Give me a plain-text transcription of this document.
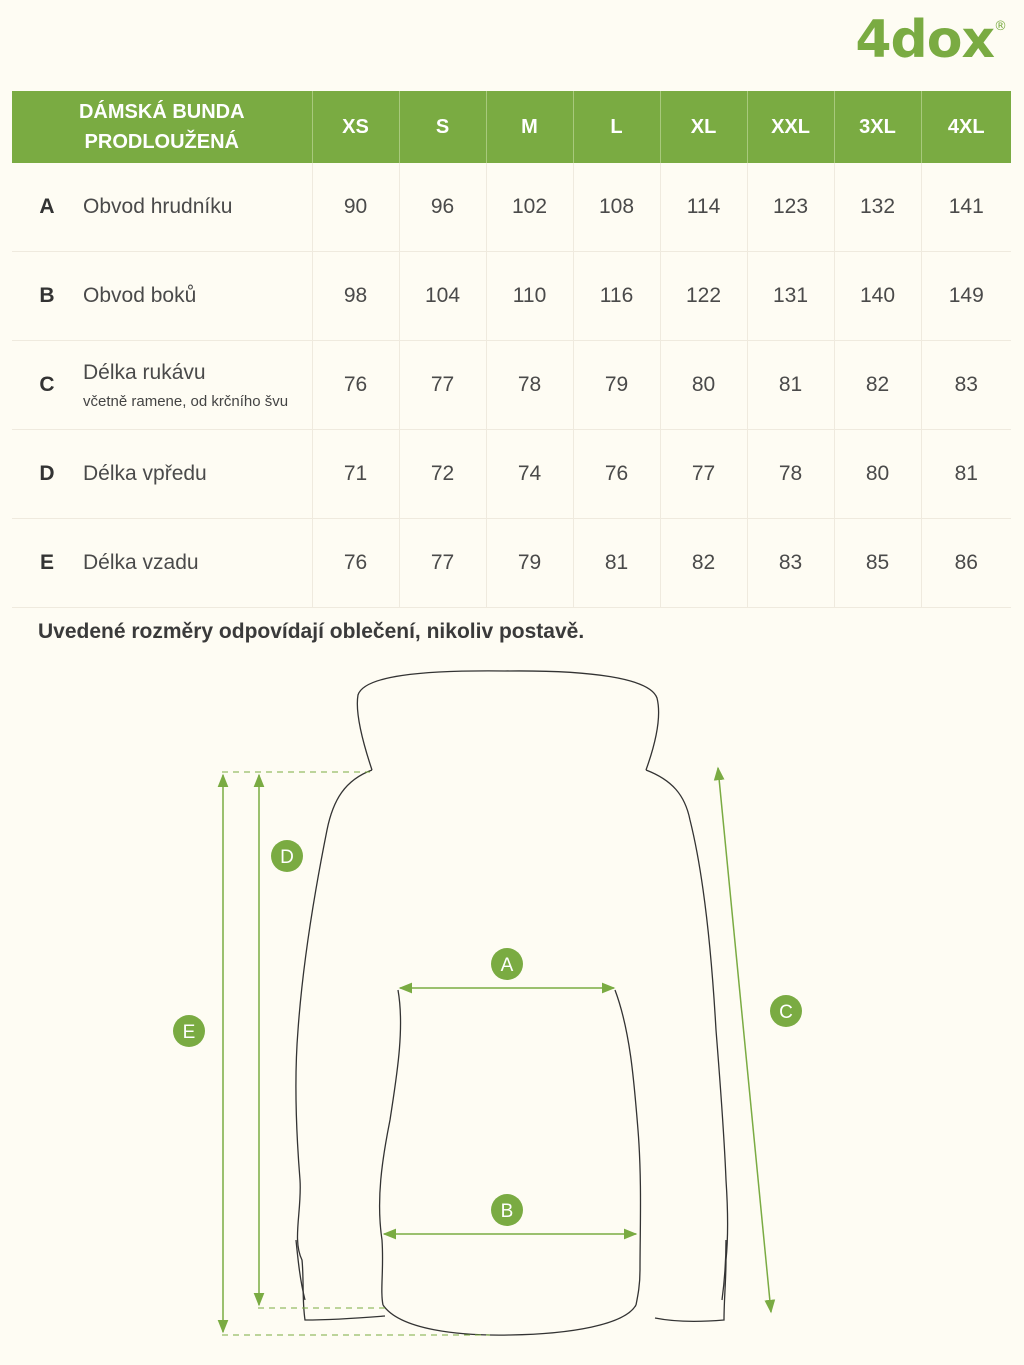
4dox®
DÁMSKÁ BUNDA
PRODLOUŽENÁ		XS	S	M	L	XL	XXL	3XL	4XL
A	Obvod hrudníku	90	96	102	108	114	123	132	141
B	Obvod boků	98	104	110	116	122	131	140	149
C	Délka rukávu
včetně ramene, od krčního švu	76	77	78	79	80	81	82	83
D	Délka vpředu	71	72	74	76	77	78	80	81
E	Délka vzadu	76	77	79	81	82	83	85	86
Uvedené rozměry odpovídají oblečení, nikoliv postavě.
A
B
C
D
E
